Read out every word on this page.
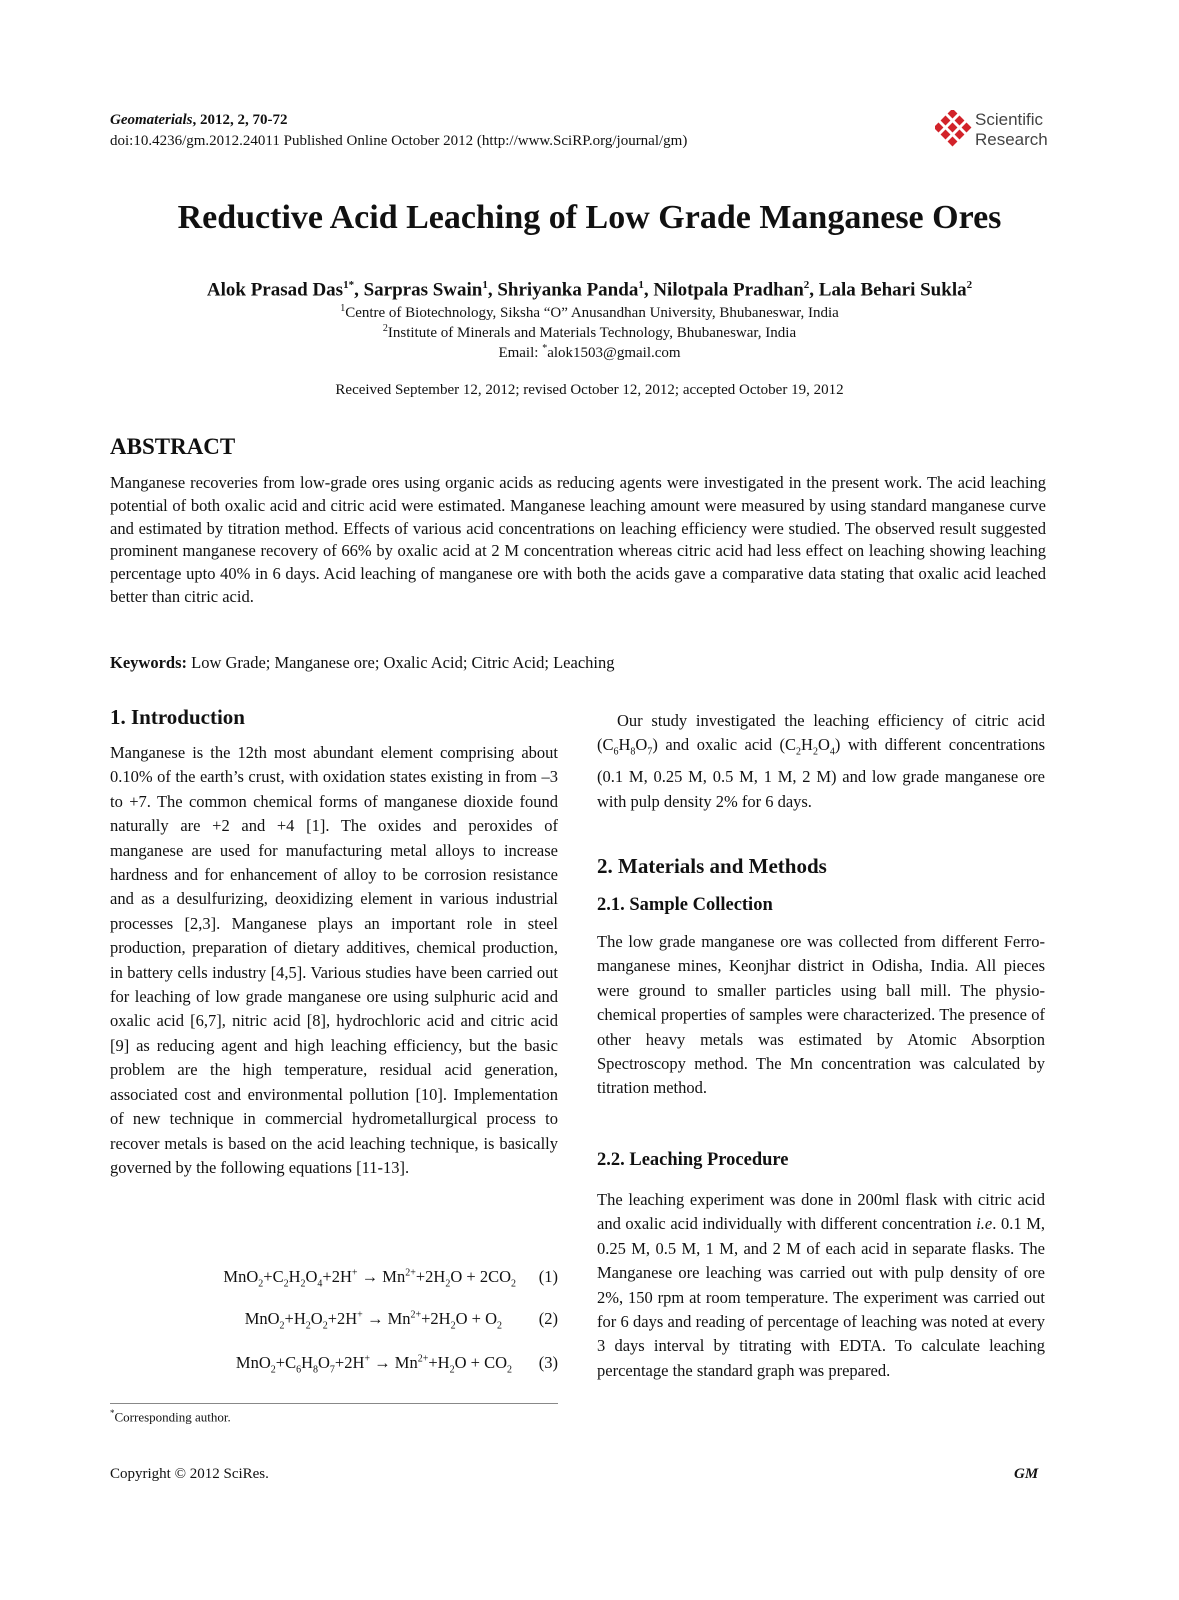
Geomaterials, 2012, 2, 70-72
doi:10.4236/gm.2012.24011 Published Online October 2012 (http://www.SciRP.org/journal/gm)
Scientific
Research
Reductive Acid Leaching of Low Grade Manganese Ores
Alok Prasad Das$^{1*}$, Sarpras Swain$^1$, Shriyanka Panda$^1$, Nilotpala Pradhan$^2$, Lala Behari Sukla$^2$
$^1$Centre of Biotechnology, Siksha “O” Anusandhan University, Bhubaneswar, India
$^2$Institute of Minerals and Materials Technology, Bhubaneswar, India
Email: *alok1503@gmail.com
Received September 12, 2012; revised October 12, 2012; accepted October 19, 2012
ABSTRACT

Manganese recoveries from low-grade ores using organic acids as reducing agents were investigated in the present work. The acid leaching potential of both oxalic acid and citric acid were estimated. Manganese leaching amount were measured by using standard manganese curve and estimated by titration method. Effects of various acid concentrations on leaching efficiency were studied. The observed result suggested prominent manganese recovery of 66% by oxalic acid at 2 M concentration whereas citric acid had less effect on leaching showing leaching percentage upto 40% in 6 days. Acid leaching of manganese ore with both the acids gave a comparative data stating that oxalic acid leached better than citric acid.

Keywords: Low Grade; Manganese ore; Oxalic Acid; Citric Acid; Leaching
1. Introduction

Manganese is the 12th most abundant element comprising about 0.10% of the earth’s crust, with oxidation states existing in from –3 to +7. The common chemical forms of manganese dioxide found naturally are +2 and +4 [1]. The oxides and peroxides of manganese are used for manufacturing metal alloys to increase hardness and for enhancement of alloy to be corrosion resistance and as a desulfurizing, deoxidizing element in various industrial processes [2,3]. Manganese plays an important role in steel production, preparation of dietary additives, chemical production, in battery cells industry [4,5]. Various studies have been carried out for leaching of low grade manganese ore using sulphuric acid and oxalic acid [6,7], nitric acid [8], hydrochloric acid and citric acid [9] as reducing agent and high leaching efficiency, but the basic problem are the high temperature, residual acid generation, associated cost and environmental pollution [10]. Implementation of new technique in commercial hydrometallurgical process to recover metals is based on the acid leaching technique, is basically governed by the following equations [11-13].

$MnO_2+C_2H_2O_4+2H^+ \to Mn^{2+}+2H_2O + 2CO_2$ (1)
$MnO_2+H_2O_2+2H^+ \to Mn^{2+}+2H_2O + O_2$ (2)
$MnO_2+C_6H_8O_7+2H^+ \to Mn^{2+}+H_2O + CO_2$ (3)
*Corresponding author.

Our study investigated the leaching efficiency of citric acid $(C_6H_8O_7)$ and oxalic acid $(C_2H_2O_4)$ with different concentrations (0.1 M, 0.25 M, 0.5 M, 1 M, 2 M) and low grade manganese ore with pulp density 2% for 6 days.

2. Materials and Methods
2.1. Sample Collection

The low grade manganese ore was collected from different Ferro-manganese mines, Keonjhar district in Odisha, India. All pieces were ground to smaller particles using ball mill. The physio-chemical properties of samples were characterized. The presence of other heavy metals was estimated by Atomic Absorption Spectroscopy method. The Mn concentration was calculated by titration method.

2.2. Leaching Procedure

The leaching experiment was done in 200ml flask with citric acid and oxalic acid individually with different concentration i.e. 0.1 M, 0.25 M, 0.5 M, 1 M, and 2 M of each acid in separate flasks. The Manganese ore leaching was carried out with pulp density of ore 2%, 150 rpm at room temperature. The experiment was carried out for 6 days and reading of percentage of leaching was noted at every 3 days interval by titrating with EDTA. To calculate leaching percentage the standard graph was prepared.

Copyright © 2012 SciRes.	GM
